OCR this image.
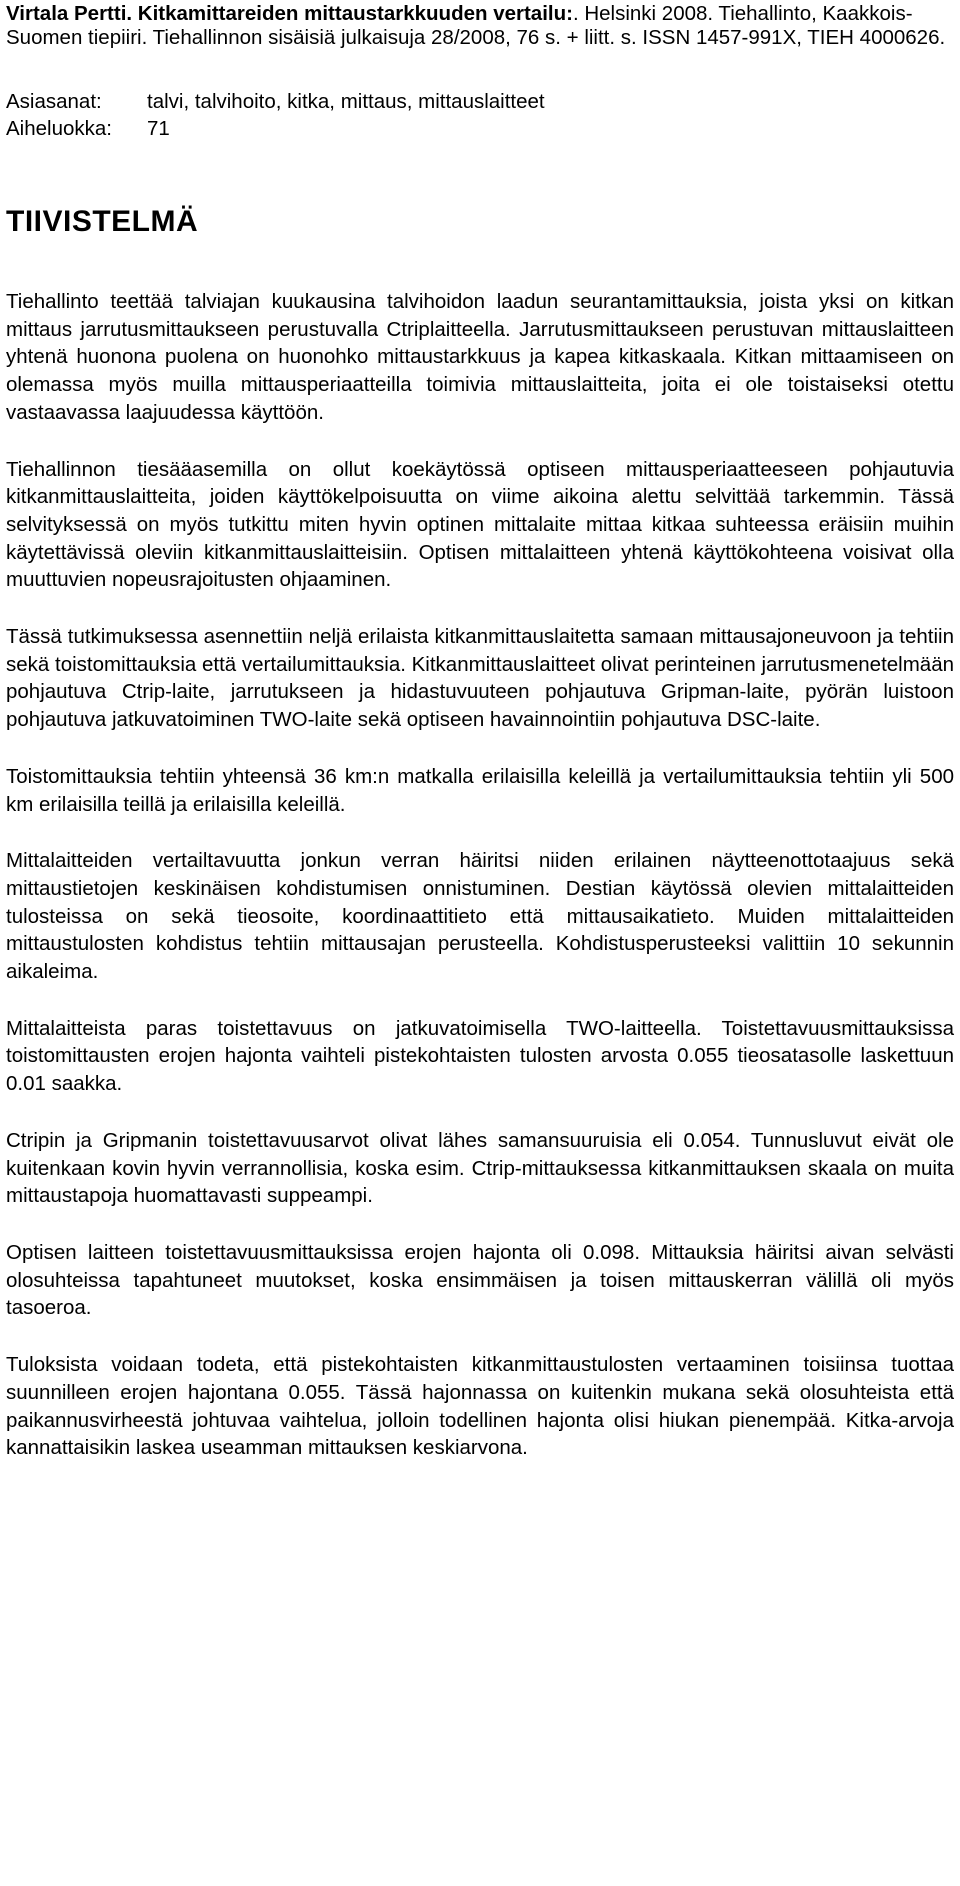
Virtala Pertti. Kitkamittareiden mittaustarkkuuden vertailu:. Helsinki 2008. Tiehallinto, Kaakkois-Suomen tiepiiri. Tiehallinnon sisäisiä julkaisuja 28/2008, 76 s. + liitt. s. ISSN 1457-991X, TIEH 4000626.

Asiasanat:	talvi, talvihoito, kitka, mittaus, mittauslaitteet
Aiheluokka:	71
TIIVISTELMÄ

Tiehallinto teettää talviajan kuukausina talvihoidon laadun seurantamittauksia, joista yksi on kitkan mittaus jarrutusmittaukseen perustuvalla Ctriplaitteella. Jarrutusmittaukseen perustuvan mittauslaitteen yhtenä huonona puolena on huonohko mittaustarkkuus ja kapea kitkaskaala. Kitkan mittaamiseen on olemassa myös muilla mittausperiaatteilla toimivia mittauslaitteita, joita ei ole toistaiseksi otettu vastaavassa laajuudessa käyttöön.

Tiehallinnon tiesääasemilla on ollut koekäytössä optiseen mittausperiaatteeseen pohjautuvia kitkanmittauslaitteita, joiden käyttökelpoisuutta on viime aikoina alettu selvittää tarkemmin. Tässä selvityksessä on myös tutkittu miten hyvin optinen mittalaite mittaa kitkaa suhteessa eräisiin muihin käytettävissä oleviin kitkanmittauslaitteisiin. Optisen mittalaitteen yhtenä käyttökohteena voisivat olla muuttuvien nopeusrajoitusten ohjaaminen.

Tässä tutkimuksessa asennettiin neljä erilaista kitkanmittauslaitetta samaan mittausajoneuvoon ja tehtiin sekä toistomittauksia että vertailumittauksia. Kitkanmittauslaitteet olivat perinteinen jarrutusmenetelmään pohjautuva Ctrip-laite, jarrutukseen ja hidastuvuuteen pohjautuva Gripman-laite, pyörän luistoon pohjautuva jatkuvatoiminen TWO-laite sekä optiseen havainnointiin pohjautuva DSC-laite.

Toistomittauksia tehtiin yhteensä 36 km:n matkalla erilaisilla keleillä ja vertailumittauksia tehtiin yli 500 km erilaisilla teillä ja erilaisilla keleillä.

Mittalaitteiden vertailtavuutta jonkun verran häiritsi niiden erilainen näytteenottotaajuus sekä mittaustietojen keskinäisen kohdistumisen onnistuminen. Destian käytössä olevien mittalaitteiden tulosteissa on sekä tieosoite, koordinaattitieto että mittausaikatieto. Muiden mittalaitteiden mittaustulosten kohdistus tehtiin mittausajan perusteella. Kohdistusperusteeksi valittiin 10 sekunnin aikaleima.

Mittalaitteista paras toistettavuus on jatkuvatoimisella TWO-laitteella. Toistettavuusmittauksissa toistomittausten erojen hajonta vaihteli pistekohtaisten tulosten arvosta 0.055 tieosatasolle laskettuun 0.01 saakka.

Ctripin ja Gripmanin toistettavuusarvot olivat lähes samansuuruisia eli 0.054. Tunnusluvut eivät ole kuitenkaan kovin hyvin verrannollisia, koska esim. Ctrip-mittauksessa kitkanmittauksen skaala on muita mittaustapoja huomattavasti suppeampi.

Optisen laitteen toistettavuusmittauksissa erojen hajonta oli 0.098. Mittauksia häiritsi aivan selvästi olosuhteissa tapahtuneet muutokset, koska ensimmäisen ja toisen mittauskerran välillä oli myös tasoeroa.

Tuloksista voidaan todeta, että pistekohtaisten kitkanmittaustulosten vertaaminen toisiinsa tuottaa suunnilleen erojen hajontana 0.055. Tässä hajonnassa on kuitenkin mukana sekä olosuhteista että paikannusvirheestä johtuvaa vaihtelua, jolloin todellinen hajonta olisi hiukan pienempää. Kitka-arvoja kannattaisikin laskea useamman mittauksen keskiarvona.
